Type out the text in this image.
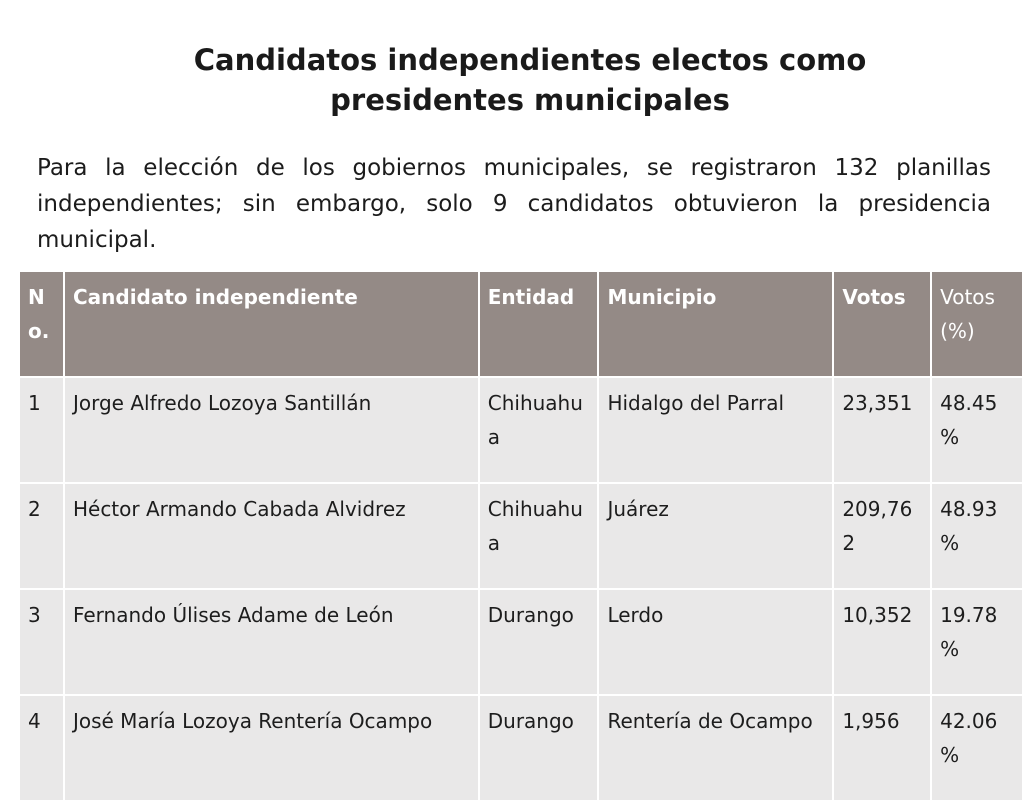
Candidatos independientes electos como
presidentes municipales

Para la elección de los gobiernos municipales, se registraron 132 planillas independientes; sin embargo, solo 9 candidatos obtuvieron la presidencia municipal.

No.	Candidato independiente	Entidad	Municipio	Votos	Votos (%)
1	Jorge Alfredo Lozoya Santillán	Chihuahua	Hidalgo del Parral	23,351	48.45 %
2	Héctor Armando Cabada Alvidrez	Chihuahua	Juárez	209,762	48.93 %
3	Fernando Úlises Adame de León	Durango	Lerdo	10,352	19.78 %
4	José María Lozoya Rentería Ocampo	Durango	Rentería de Ocampo	1,956	42.06 %
